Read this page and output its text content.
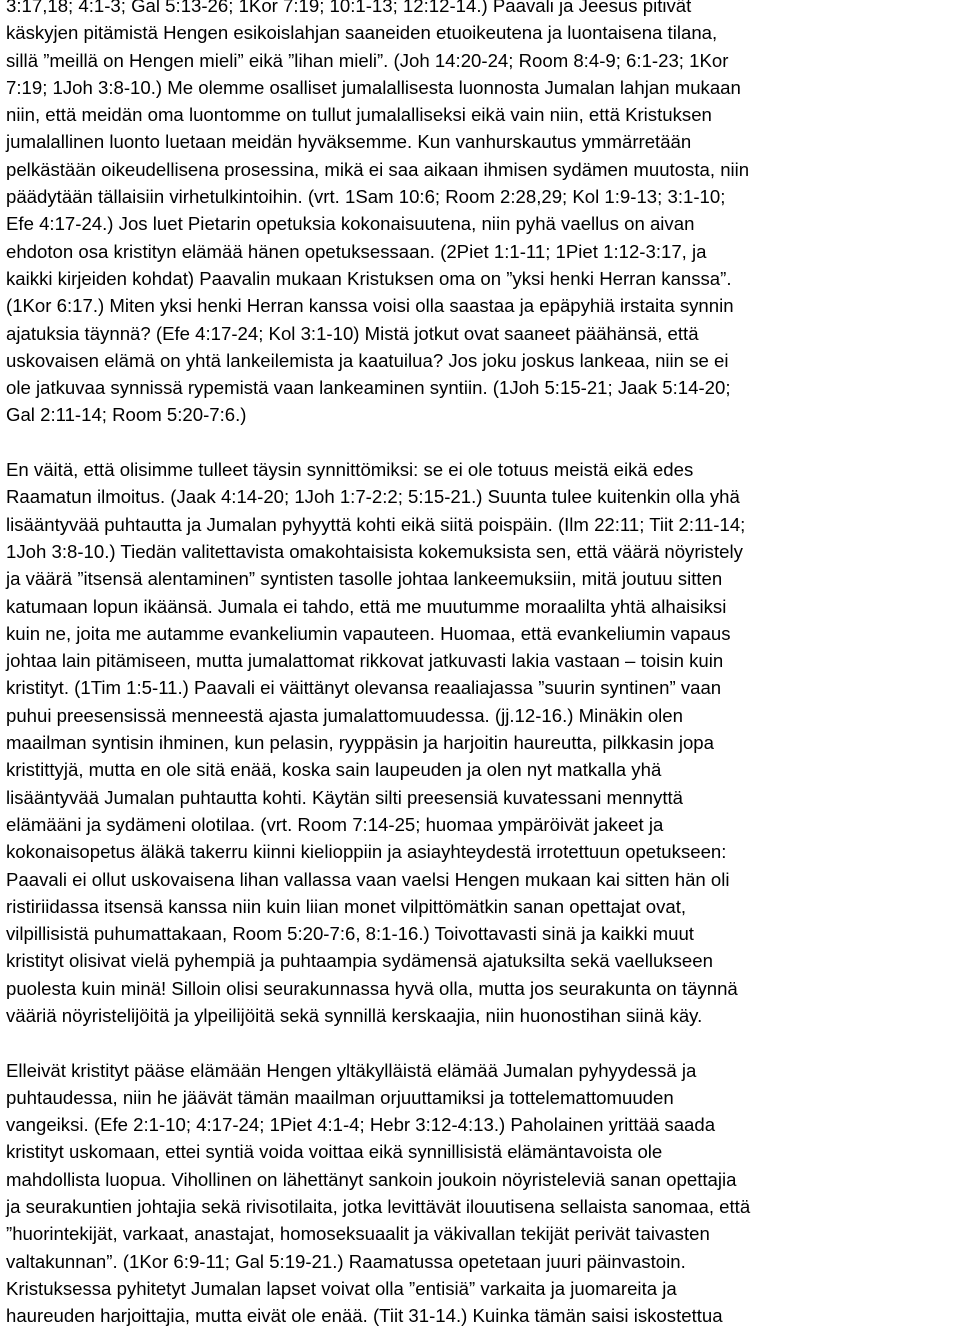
3:17,18; 4:1-3; Gal 5:13-26; 1Kor 7:19; 10:1-13; 12:12-14.) Paavali ja Jeesus pitivät
käskyjen pitämistä Hengen esikoislahjan saaneiden etuoikeutena ja luontaisena tilana,
sillä ”meillä on Hengen mieli” eikä ”lihan mieli”. (Joh 14:20-24; Room 8:4-9; 6:1-23; 1Kor
7:19; 1Joh 3:8-10.) Me olemme osalliset jumalallisesta luonnosta Jumalan lahjan mukaan
niin, että meidän oma luontomme on tullut jumalalliseksi eikä vain niin, että Kristuksen
jumalallinen luonto luetaan meidän hyväksemme. Kun vanhurskautus ymmärretään
pelkästään oikeudellisena prosessina, mikä ei saa aikaan ihmisen sydämen muutosta, niin
päädytään tällaisiin virhetulkintoihin. (vrt. 1Sam 10:6; Room 2:28,29; Kol 1:9-13; 3:1-10;
Efe 4:17-24.) Jos luet Pietarin opetuksia kokonaisuutena, niin pyhä vaellus on aivan
ehdoton osa kristityn elämää hänen opetuksessaan. (2Piet 1:1-11; 1Piet 1:12-3:17, ja
kaikki kirjeiden kohdat) Paavalin mukaan Kristuksen oma on ”yksi henki Herran kanssa”.
(1Kor 6:17.) Miten yksi henki Herran kanssa voisi olla saastaa ja epäpyhiä irstaita synnin
ajatuksia täynnä? (Efe 4:17-24; Kol 3:1-10) Mistä jotkut ovat saaneet päähänsä, että
uskovaisen elämä on yhtä lankeilemista ja kaatuilua? Jos joku joskus lankeaa, niin se ei
ole jatkuvaa synnissä rypemistä vaan lankeaminen syntiin. (1Joh 5:15-21; Jaak 5:14-20;
Gal 2:11-14; Room 5:20-7:6.)
En väitä, että olisimme tulleet täysin synnittömiksi: se ei ole totuus meistä eikä edes
Raamatun ilmoitus. (Jaak 4:14-20; 1Joh 1:7-2:2; 5:15-21.) Suunta tulee kuitenkin olla yhä
lisääntyvää puhtautta ja Jumalan pyhyyttä kohti eikä siitä poispäin. (Ilm 22:11; Tiit 2:11-14;
1Joh 3:8-10.) Tiedän valitettavista omakohtaisista kokemuksista sen, että väärä nöyristely
ja väärä ”itsensä alentaminen” syntisten tasolle johtaa lankeemuksiin, mitä joutuu sitten
katumaan lopun ikäänsä. Jumala ei tahdo, että me muutumme moraalilta yhtä alhaisiksi
kuin ne, joita me autamme evankeliumin vapauteen. Huomaa, että evankeliumin vapaus
johtaa lain pitämiseen, mutta jumalattomat rikkovat jatkuvasti lakia vastaan – toisin kuin
kristityt. (1Tim 1:5-11.) Paavali ei väittänyt olevansa reaaliajassa ”suurin syntinen” vaan
puhui preesensissä menneestä ajasta jumalattomuudessa. (jj.12-16.) Minäkin olen
maailman syntisin ihminen, kun pelasin, ryyppäsin ja harjoitin haureutta, pilkkasin jopa
kristittyjä, mutta en ole sitä enää, koska sain laupeuden ja olen nyt matkalla yhä
lisääntyvää Jumalan puhtautta kohti. Käytän silti preesensiä kuvatessani mennyttä
elämääni ja sydämeni olotilaa. (vrt. Room 7:14-25; huomaa ympäröivät jakeet ja
kokonaisopetus äläkä takerru kiinni kielioppiin ja asiayhteydestä irrotettuun opetukseen:
Paavali ei ollut uskovaisena lihan vallassa vaan vaelsi Hengen mukaan kai sitten hän oli
ristiriidassa itsensä kanssa niin kuin liian monet vilpittömätkin sanan opettajat ovat,
vilpillisistä puhumattakaan, Room 5:20-7:6, 8:1-16.) Toivottavasti sinä ja kaikki muut
kristityt olisivat vielä pyhempiä ja puhtaampia sydämensä ajatuksilta sekä vaellukseen
puolesta kuin minä! Silloin olisi seurakunnassa hyvä olla, mutta jos seurakunta on täynnä
vääriä nöyristelijöitä ja ylpeilijöitä sekä synnillä kerskaajia, niin huonostihan siinä käy.
Elleivät kristityt pääse elämään Hengen yltäkylläistä elämää Jumalan pyhyydessä ja
puhtaudessa, niin he jäävät tämän maailman orjuuttamiksi ja tottelemattomuuden
vangeiksi. (Efe 2:1-10; 4:17-24; 1Piet 4:1-4; Hebr 3:12-4:13.) Paholainen yrittää saada
kristityt uskomaan, ettei syntiä voida voittaa eikä synnillisistä elämäntavoista ole
mahdollista luopua. Vihollinen on lähettänyt sankoin joukoin nöyristeleviä sanan opettajia
ja seurakuntien johtajia sekä rivisotilaita, jotka levittävät ilouutisena sellaista sanomaa, että
”huorintekijät, varkaat, anastajat, homoseksuaalit ja väkivallan tekijät perivät taivasten
valtakunnan”. (1Kor 6:9-11; Gal 5:19-21.) Raamatussa opetetaan juuri päinvastoin.
Kristuksessa pyhitetyt Jumalan lapset voivat olla ”entisiä” varkaita ja juomareita ja
haureuden harjoittajia, mutta eivät ole enää. (Tiit 31-14.) Kuinka tämän saisi iskostettua
